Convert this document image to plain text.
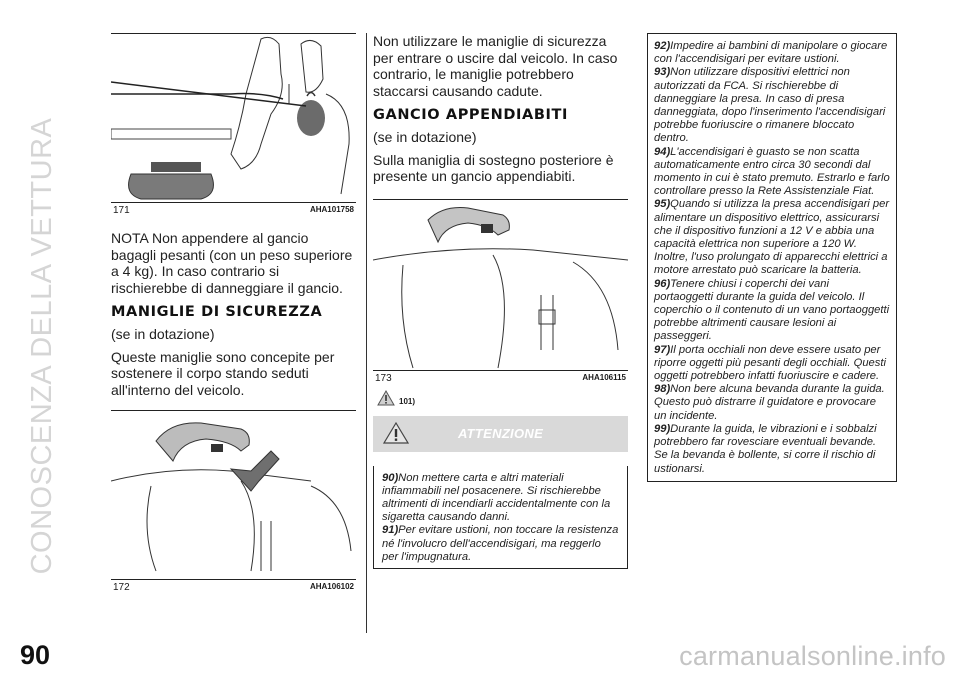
CONOSCENZA DELLA VETTURA	171	AHA101758

NOTA Non appendere al gancio bagagli pesanti (con un peso superiore a 4 kg). In caso contrario si rischierebbe di danneggiare il gancio.

MANIGLIE DI SICUREZZA

(se in dotazione)

Queste maniglie sono concepite per sostenere il corpo stando seduti all'interno del veicolo.

172	AHA106102

Non utilizzare le maniglie di sicurezza per entrare o uscire dal veicolo. In caso contrario, le maniglie potrebbero staccarsi causando cadute.

GANCIO APPENDIABITI

(se in dotazione)

Sulla maniglia di sostegno posteriore è presente un gancio appendiabiti.

173	AHA106115
101)
ATTENZIONE

90)Non mettere carta e altri materiali infiammabili nel posacenere. Si rischierebbe altrimenti di incendiarli accidentalmente con la sigaretta causando danni.

91)Per evitare ustioni, non toccare la resistenza né l'involucro dell'accendisigari, ma reggerlo per l'impugnatura.

92)Impedire ai bambini di manipolare o giocare con l'accendisigari per evitare ustioni.

93)Non utilizzare dispositivi elettrici non autorizzati da FCA. Si rischierebbe di danneggiare la presa. In caso di presa danneggiata, dopo l'inserimento l'accendisigari potrebbe fuoriuscire o rimanere bloccato dentro.

94)L'accendisigari è guasto se non scatta automaticamente entro circa 30 secondi dal momento in cui è stato premuto. Estrarlo e farlo controllare presso la Rete Assistenziale Fiat.

95)Quando si utilizza la presa accendisigari per alimentare un dispositivo elettrico, assicurarsi che il dispositivo funzioni a 12 V e abbia una capacità elettrica non superiore a 120 W. Inoltre, l'uso prolungato di apparecchi elettrici a motore arrestato può scaricare la batteria.

96)Tenere chiusi i coperchi dei vani portaoggetti durante la guida del veicolo. Il coperchio o il contenuto di un vano portaoggetti potrebbe altrimenti causare lesioni ai passeggeri.

97)Il porta occhiali non deve essere usato per riporre oggetti più pesanti degli occhiali. Questi oggetti potrebbero infatti fuoriuscire e cadere.

98)Non bere alcuna bevanda durante la guida. Questo può distrarre il guidatore e provocare un incidente.

99)Durante la guida, le vibrazioni e i sobbalzi potrebbero far rovesciare eventuali bevande. Se la bevanda è bollente, si corre il rischio di ustionarsi.

90	carmanualsonline.info
